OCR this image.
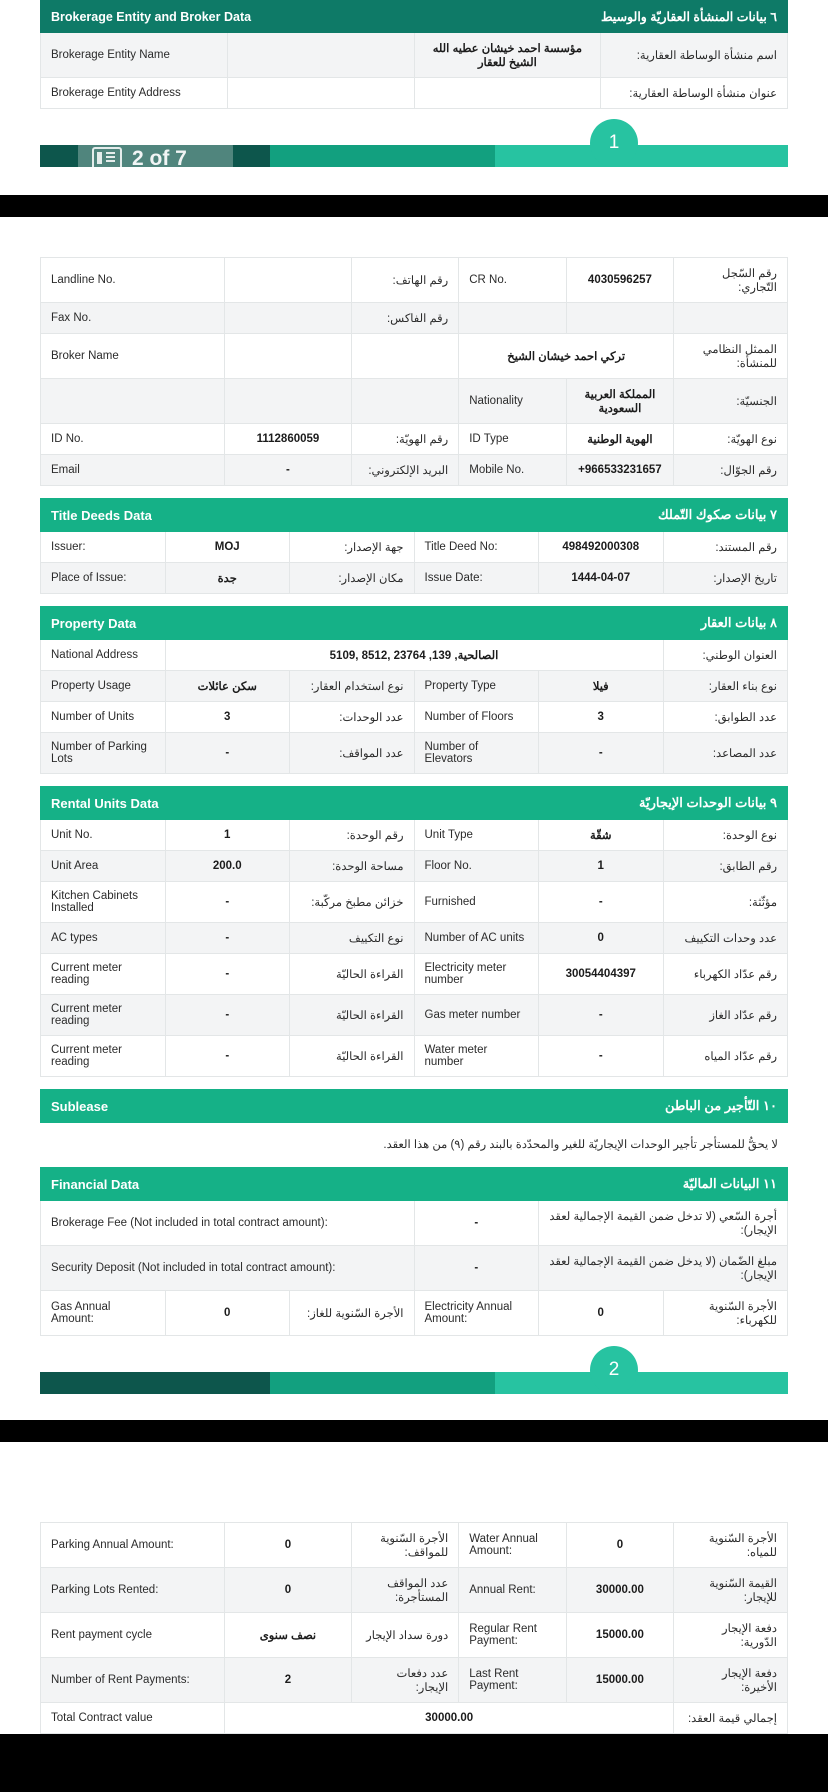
Brokerage Entity and Broker Data		٦ بيانات المنشأة العقاريّة والوسيط	
Brokerage Entity Name		مؤسسة احمد خيشان عطيه الله الشيخ للعقار	اسم منشأة الوساطة العقارية:
Brokerage Entity Address			عنوان منشأة الوساطة العقارية:
1
2 of 7
Landline No.		رقم الهاتف:	CR No.	4030596257	رقم السّجل التّجاري:
Fax No.		رقم الفاكس:			
Broker Name			تركي احمد خيشان الشيخ		الممثل النظامي للمنشأة:
			Nationality	المملكة العربية السعودية	الجنسيّة:
ID No.	1112860059	رقم الهويّة:	ID Type	الهوية الوطنية	نوع الهويّة:
Email	-	البريد الإلكتروني:	Mobile No.	+966533231657	رقم الجوّال:
Title Deeds Data			٧ بيانات صكوك التّملك		
Issuer:	MOJ	جهة الإصدار:	Title Deed No:	498492000308	رقم المستند:
Place of Issue:	جدة	مكان الإصدار:	Issue Date:	1444-04-07	تاريخ الإصدار:
Property Data			٨ بيانات العقار		
National Address	الصالحية, 139, 23764 ,8512 ,5109				العنوان الوطني:
Property Usage	سكن عائلات	نوع استخدام العقار:	Property Type	فيلا	نوع بناء العقار:
Number of Units	3	عدد الوحدات:	Number of Floors	3	عدد الطوابق:
Number of Parking Lots	-	عدد المواقف:	Number of Elevators	-	عدد المصاعد:
Rental Units Data			٩ بيانات الوحدات الإيجاريّة		
Unit No.	1	رقم الوحدة:	Unit Type	شقّة	نوع الوحدة:
Unit Area	200.0	مساحة الوحدة:	Floor No.	1	رقم الطابق:
Kitchen Cabinets Installed	-	خزائن مطبخ مركّبة:	Furnished	-	مؤثّثة:
AC types	-	نوع التكييف	Number of AC units	0	عدد وحدات التكييف
Current meter reading	-	القراءة الحاليّة	Electricity meter number	30054404397	رقم عدّاد الكهرباء
Current meter reading	-	القراءة الحاليّة	Gas meter number	-	رقم عدّاد الغاز
Current meter reading	-	القراءة الحاليّة	Water meter number	-	رقم عدّاد المياه
Sublease	١٠ التّأجير من الباطن
لا يحقُّ للمستأجر تأجير الوحدات الإيجاريّة للغير والمحدّدة بالبند رقم (٩) من هذا العقد.
Financial Data			١١ البيانات الماليّة		
Brokerage Fee (Not included in total contract amount):			-	أجرة السّعي (لا تدخل ضمن القيمة الإجمالية لعقد الإيجار):	
Security Deposit (Not included in total contract amount):			-	مبلغ الضّمان (لا يدخل ضمن القيمة الإجمالية لعقد الإيجار):	
Gas Annual Amount:	0	الأجرة السّنوية للغاز:	Electricity Annual Amount:	0	الأجرة السّنوية للكهرباء:
2
Parking Annual Amount:	0	الأجرة السّنوية للمواقف:	Water Annual Amount:	0	الأجرة السّنوية للمياه:
Parking Lots Rented:	0	عدد المواقف المستأجرة:	Annual Rent:	30000.00	القيمة السّنوية للإيجار:
Rent payment cycle	نصف سنوى	دورة سداد الإيجار	Regular Rent Payment:	15000.00	دفعة الإيجار الدّورية:
Number of Rent Payments:	2	عدد دفعات الإيجار:	Last Rent Payment:	15000.00	دفعة الإيجار الأخيرة:
Total Contract value	30000.00				إجمالي قيمة العقد:
